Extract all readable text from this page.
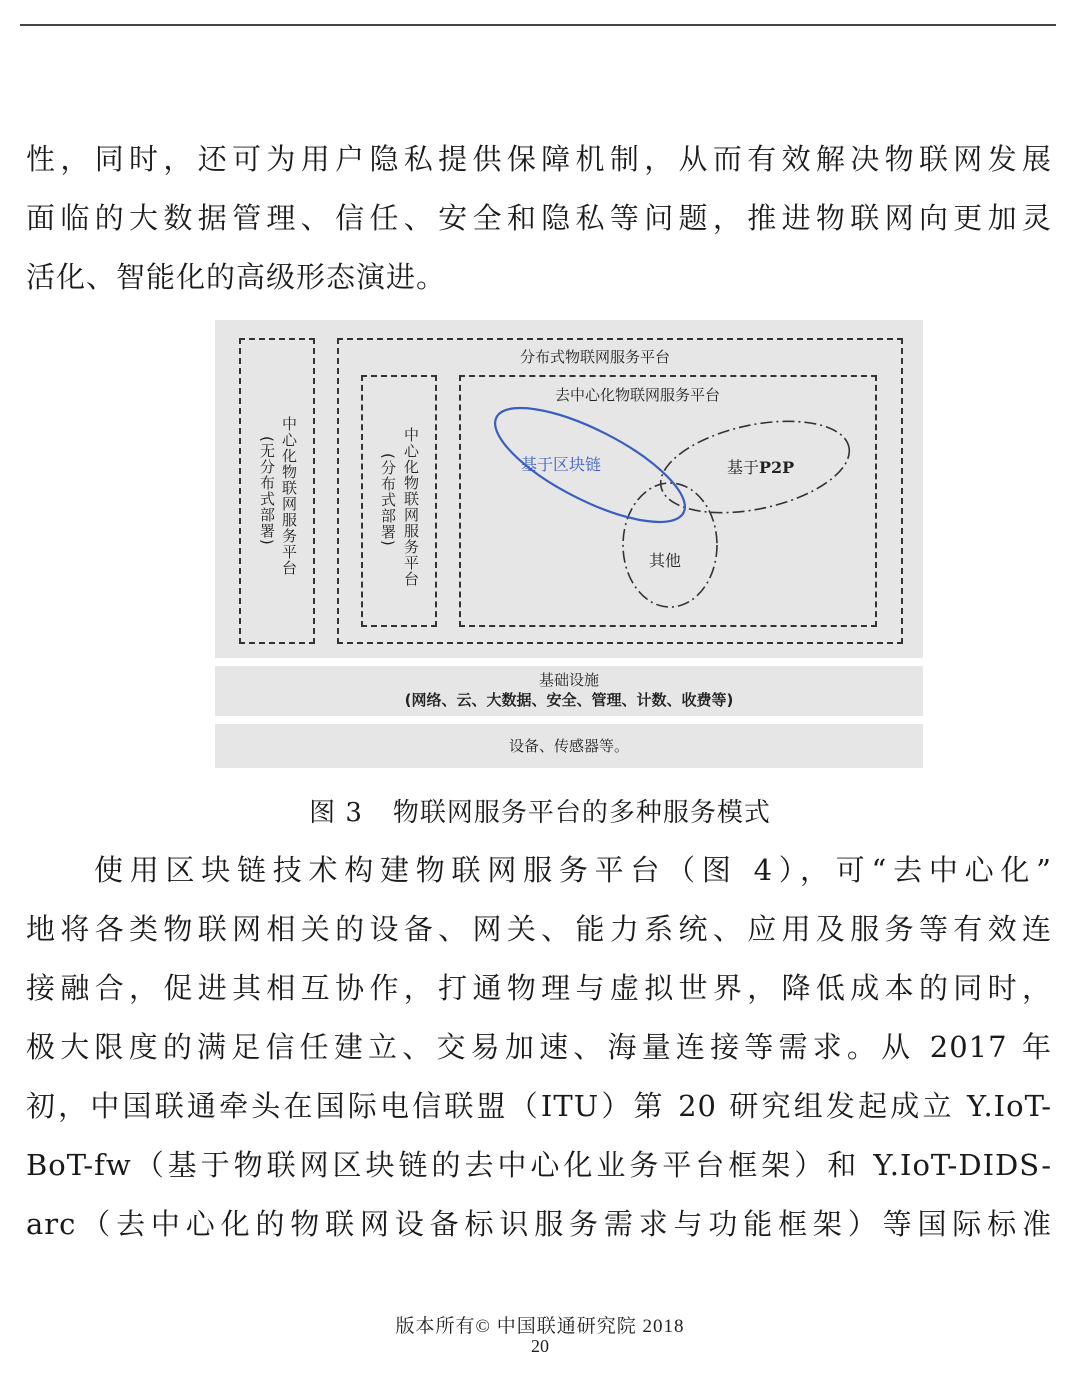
性，同时，还可为用户隐私提供保障机制，从而有效解决物联网发展
面临的大数据管理、信任、安全和隐私等问题，推进物联网向更加灵
活化、智能化的高级形态演进。

中心化物联网服务平台
(无分布式部署)
分布式物联网服务平台
中心化物联网服务平台
(分布式部署)
去中心化物联网服务平台
基于区块链	基于P2P
其他
基础设施
(网络、云、大数据、安全、管理、计数、收费等)
设备、传感器等。
图 3 物联网服务平台的多种服务模式

使用区块链技术构建物联网服务平台（图 4），可“去中心化”
地将各类物联网相关的设备、网关、能力系统、应用及服务等有效连
接融合，促进其相互协作，打通物理与虚拟世界，降低成本的同时，
极大限度的满足信任建立、交易加速、海量连接等需求。从 2017 年
初，中国联通牵头在国际电信联盟（ITU）第 20 研究组发起成立 Y.IoT-
BoT-fw（基于物联网区块链的去中心化业务平台框架）和 Y.IoT-DIDS-
arc（去中心化的物联网设备标识服务需求与功能框架）等国际标准

版本所有© 中国联通研究院 2018
20
